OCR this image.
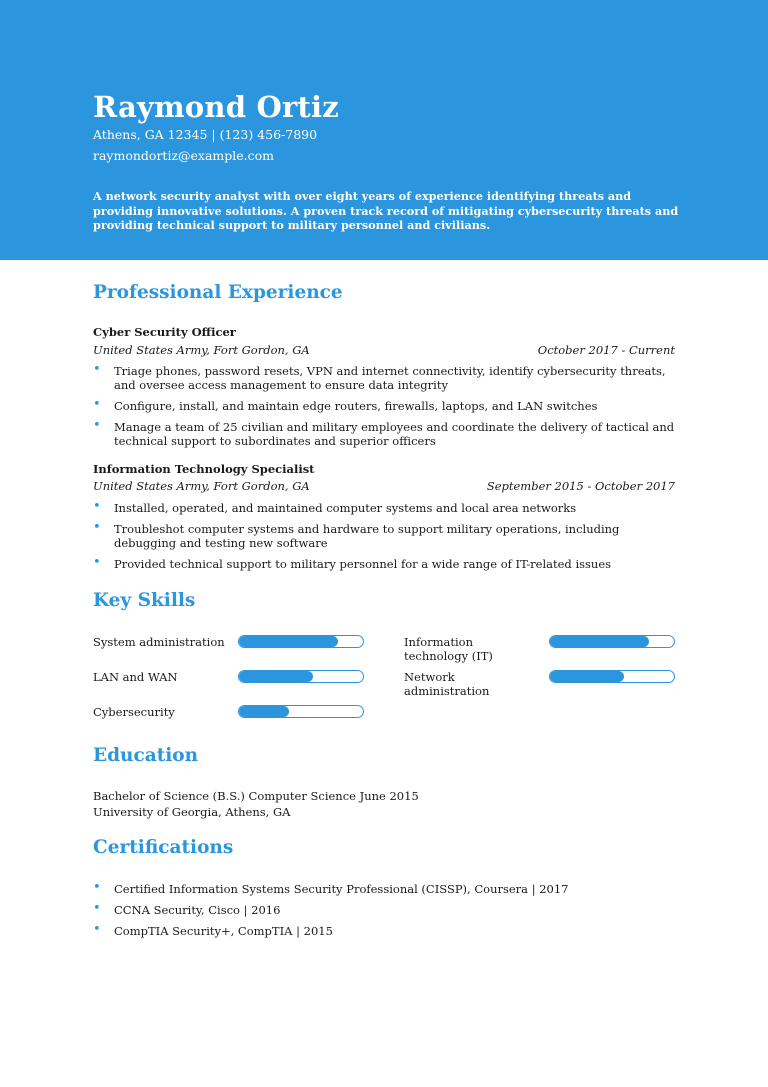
Raymond Ortiz
Athens, GA 12345 | (123) 456-7890
raymondortiz@example.com
A network security analyst with over eight years of experience identifying threats and providing innovative solutions. A proven track record of mitigating cybersecurity threats and providing technical support to military personnel and civilians.
Professional Experience
Cyber Security Officer
United States Army, Fort Gordon, GA	October 2017 - Current
• Triage phones, password resets, VPN and internet connectivity, identify cybersecurity threats, and oversee access management to ensure data integrity
• Configure, install, and maintain edge routers, firewalls, laptops, and LAN switches
• Manage a team of 25 civilian and military employees and coordinate the delivery of tactical and technical support to subordinates and superior officers
Information Technology Specialist
United States Army, Fort Gordon, GA	September 2015 - October 2017
• Installed, operated, and maintained computer systems and local area networks
• Troubleshot computer systems and hardware to support military operations, including debugging and testing new software
• Provided technical support to military personnel for a wide range of IT-related issues
Key Skills
System administration	Information technology (IT)
LAN and WAN	Network administration
Cybersecurity
Education
Bachelor of Science (B.S.) Computer Science June 2015
University of Georgia, Athens, GA
Certifications
• Certified Information Systems Security Professional (CISSP), Coursera | 2017
• CCNA Security, Cisco | 2016
• CompTIA Security+, CompTIA | 2015
